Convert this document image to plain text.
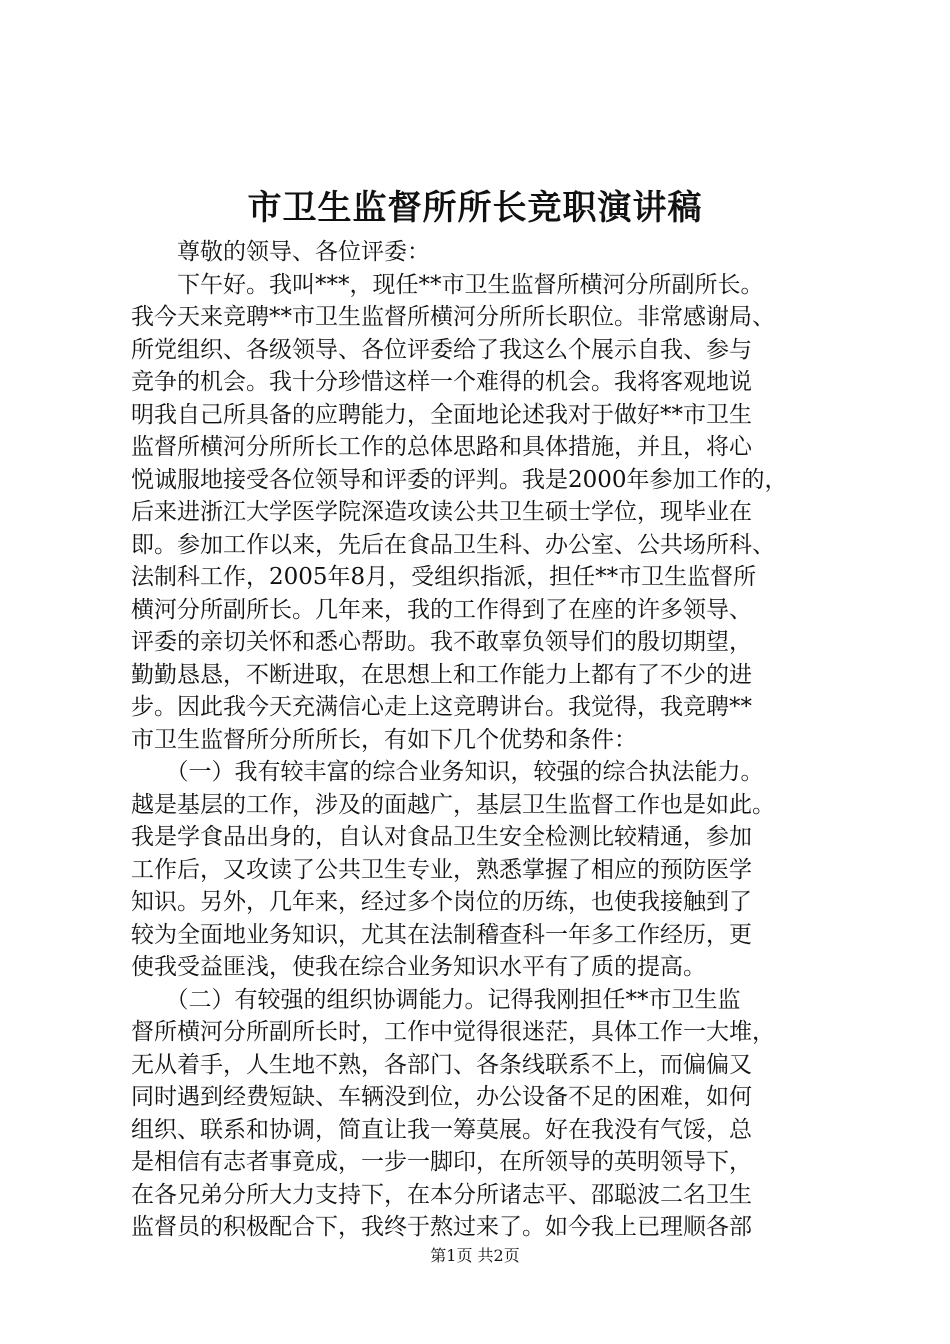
市卫生监督所所长竞职演讲稿
　　尊敬的领导、各位评委：
　　下午好。我叫***，现任**市卫生监督所横河分所副所长。
我今天来竞聘**市卫生监督所横河分所所长职位。非常感谢局、
所党组织、各级领导、各位评委给了我这么个展示自我、参与
竞争的机会。我十分珍惜这样一个难得的机会。我将客观地说
明我自己所具备的应聘能力，全面地论述我对于做好**市卫生
监督所横河分所所长工作的总体思路和具体措施，并且，将心
悦诚服地接受各位领导和评委的评判。我是2000年参加工作的，
后来进浙江大学医学院深造攻读公共卫生硕士学位，现毕业在
即。参加工作以来，先后在食品卫生科、办公室、公共场所科、
法制科工作，2005年8月，受组织指派，担任**市卫生监督所
横河分所副所长。几年来，我的工作得到了在座的许多领导、
评委的亲切关怀和悉心帮助。我不敢辜负领导们的殷切期望，
勤勤恳恳，不断进取，在思想上和工作能力上都有了不少的进
步。因此我今天充满信心走上这竞聘讲台。我觉得，我竞聘**
市卫生监督所分所所长，有如下几个优势和条件：
　　（一）我有较丰富的综合业务知识，较强的综合执法能力。
越是基层的工作，涉及的面越广，基层卫生监督工作也是如此。
我是学食品出身的，自认对食品卫生安全检测比较精通，参加
工作后，又攻读了公共卫生专业，熟悉掌握了相应的预防医学
知识。另外，几年来，经过多个岗位的历练，也使我接触到了
较为全面地业务知识，尤其在法制稽查科一年多工作经历，更
使我受益匪浅，使我在综合业务知识水平有了质的提高。
　　（二）有较强的组织协调能力。记得我刚担任**市卫生监
督所横河分所副所长时，工作中觉得很迷茫，具体工作一大堆，
无从着手，人生地不熟，各部门、各条线联系不上，而偏偏又
同时遇到经费短缺、车辆没到位，办公设备不足的困难，如何
组织、联系和协调，简直让我一筹莫展。好在我没有气馁，总
是相信有志者事竟成，一步一脚印，在所领导的英明领导下，
在各兄弟分所大力支持下，在本分所诸志平、邵聪波二名卫生
监督员的积极配合下，我终于熬过来了。如今我上已理顺各部
第1页 共2页
